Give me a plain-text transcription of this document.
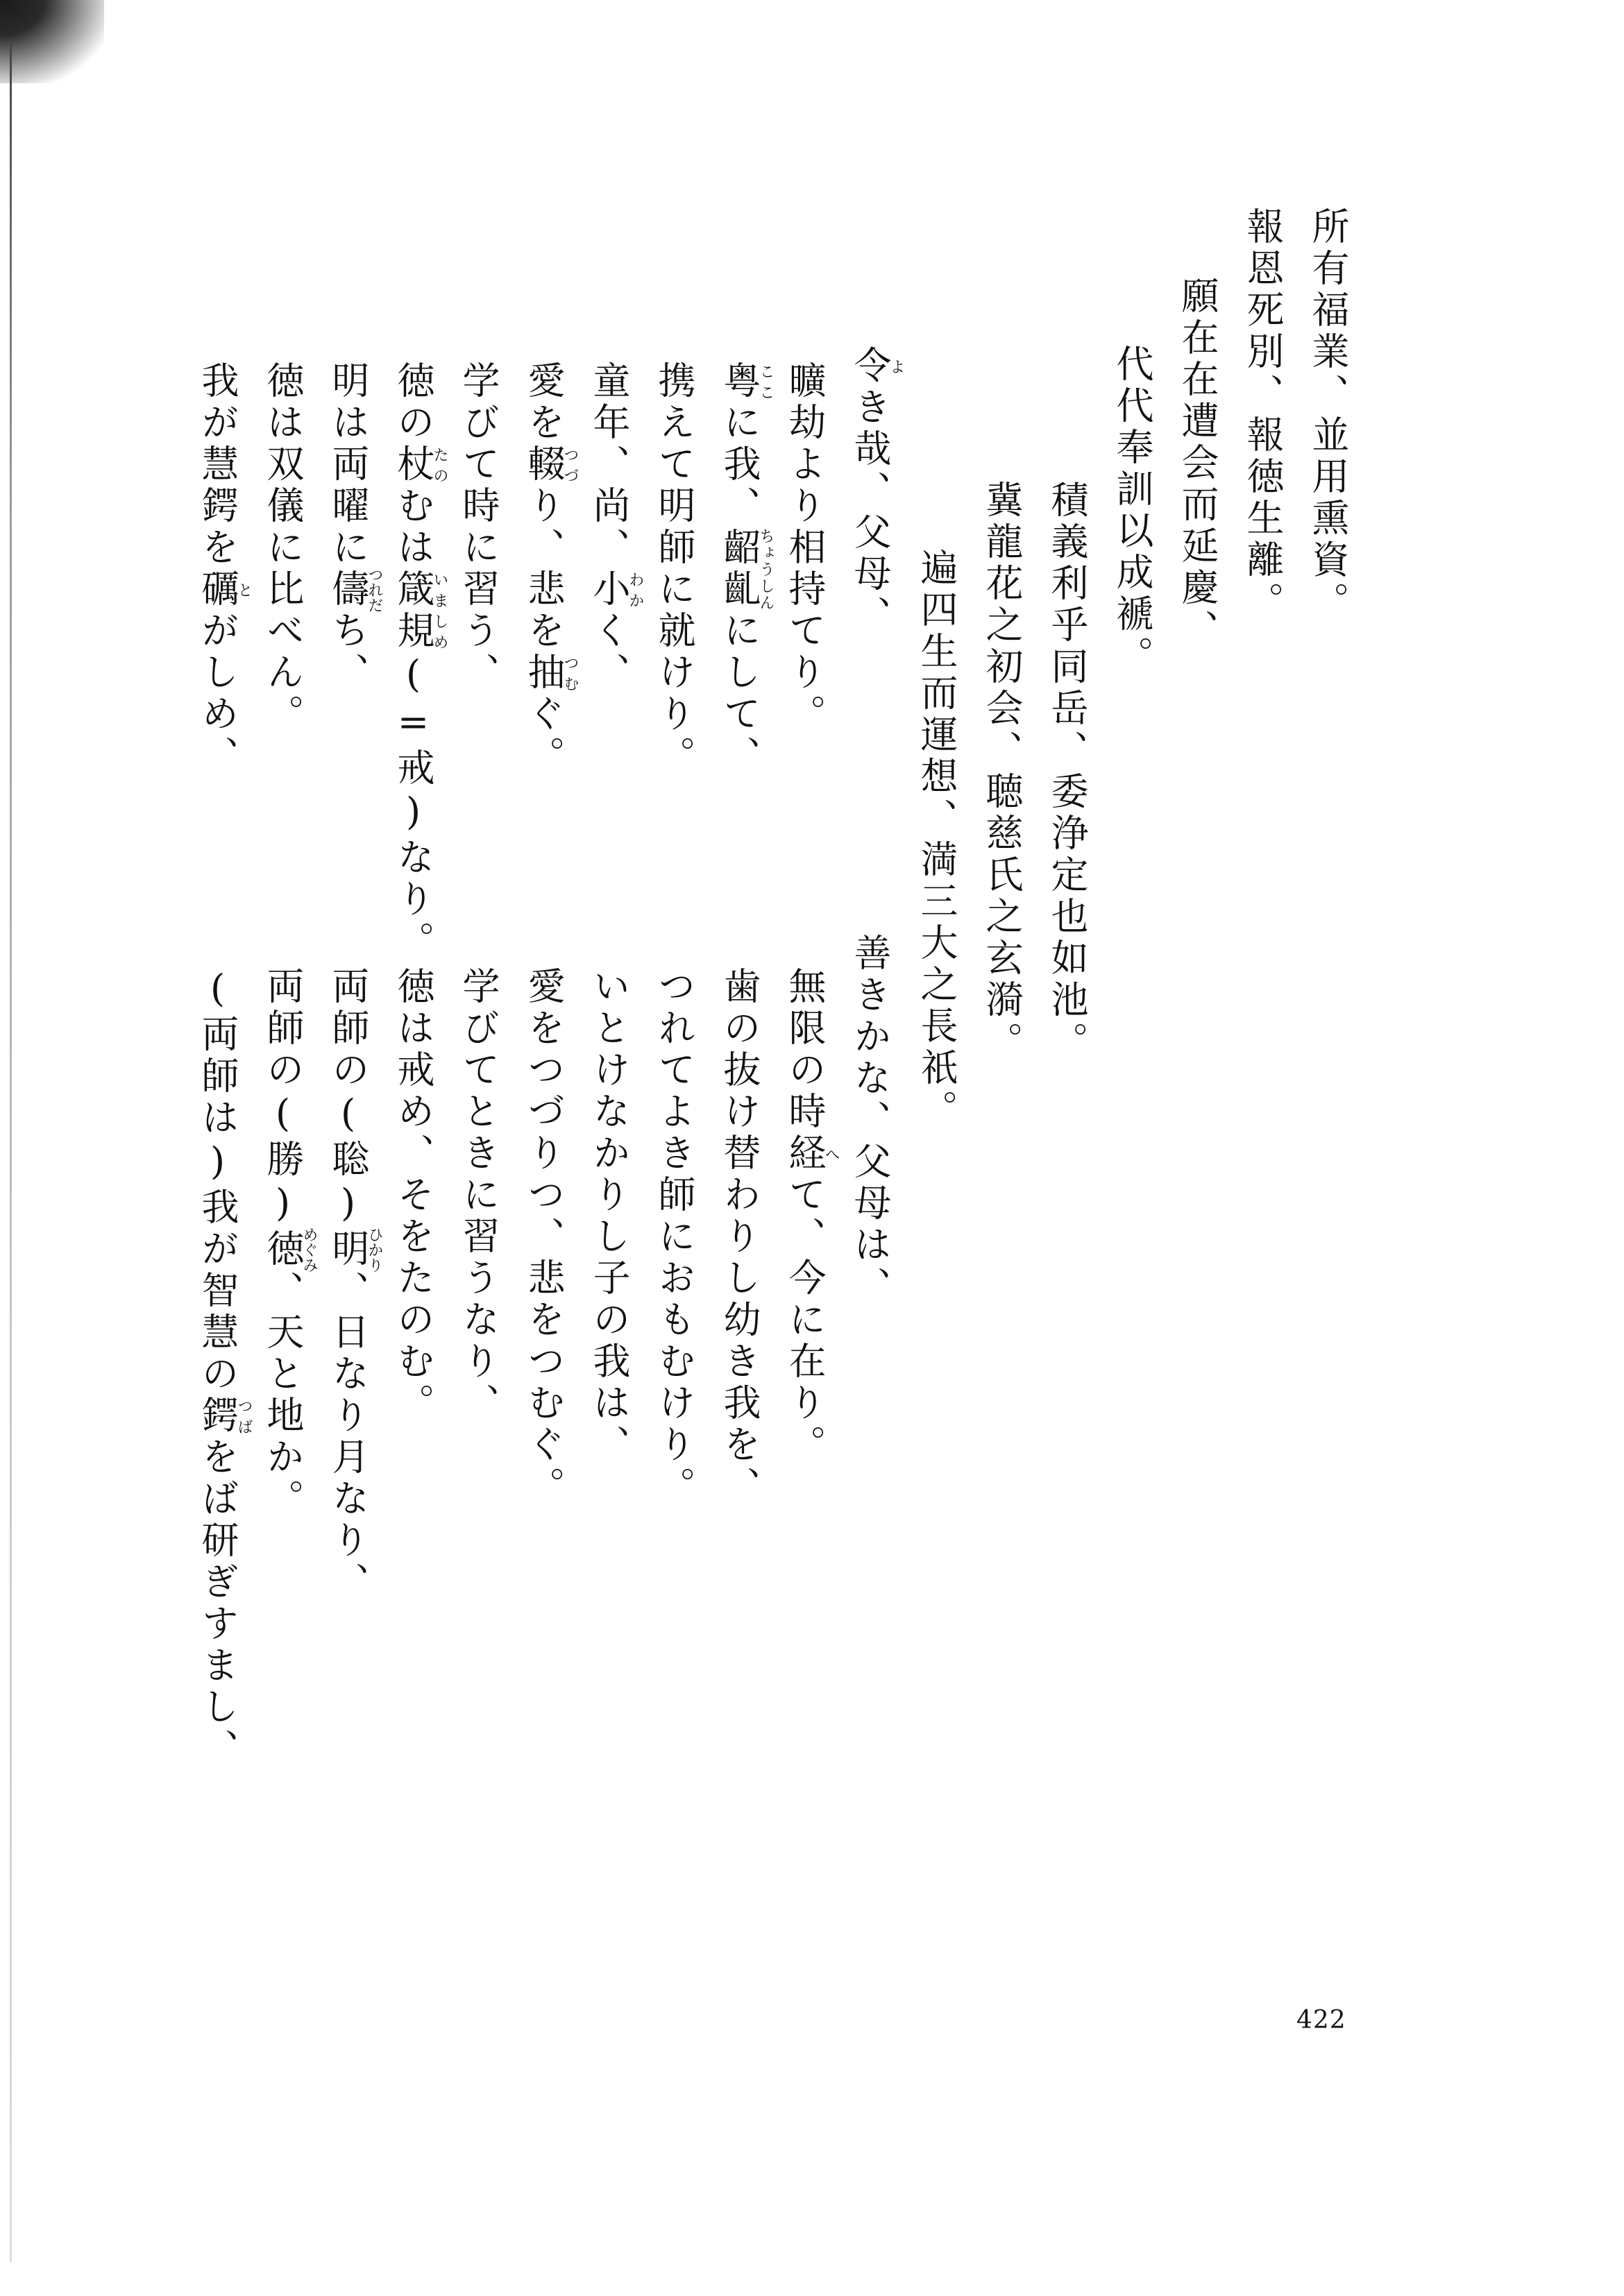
所有福業、並用熏資。
報恩死別、報徳生離。
願在在遭会而延慶、
代代奉訓以成褫。
積義利乎同岳、委浄定也如池。
冀龍花之初会、聴慈氏之玄漪。
遍四生而運想、満三大之長祇。
令よき哉、父母、
曠劫より相持てり。
粤ここに我、齠齓ちょうしんにして、
携えて明師に就けり。
童年、尚、小わかく、
愛を輟つづり、悲を抽つむぐ。
学びて時に習う、
徳の杖たのむは箴規いましめ(=戒)なり。
明は両曜に儔つれだち、
徳は双儀に比べん。
我が慧鍔を礪とがしめ、
善きかな、父母は、
無限の時経へて、今に在り。
歯の抜け替わりし幼き我を、
つれてよき師におもむけり。
いとけなかりし子の我は、
愛をつづりつ、悲をつむぐ。
学びてときに習うなり、
徳は戒め、そをたのむ。
両師の(聡)明ひかり、日なり月なり、
両師の(勝)徳めぐみ、天と地か。
(両師は)我が智慧の鍔つばをば研ぎすまし、
422
